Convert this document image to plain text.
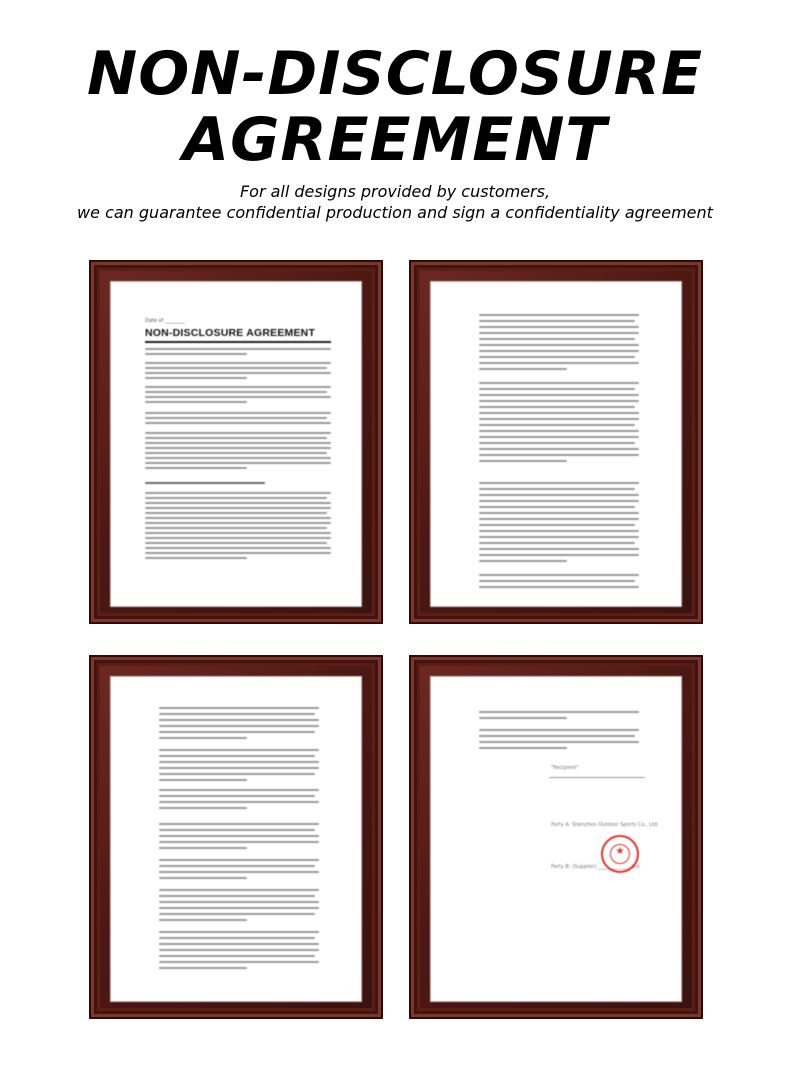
NON-DISCLOSURE
AGREEMENT
For all designs provided by customers,
we can guarantee confidential production and sign a confidentiality agreement
Date of ________
NON-DISCLOSURE AGREEMENT
"Recipient"
Party A: Shenzhen Outdoor Sports Co., Ltd.
Party B: (Supplier) ____________, Ltd.
★
